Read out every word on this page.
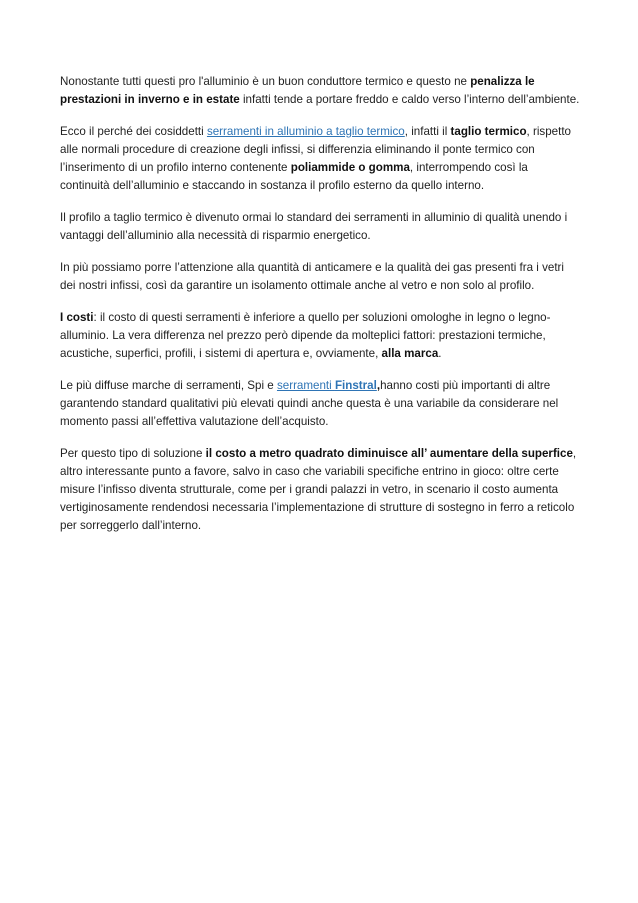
Nonostante tutti questi pro l'alluminio è un buon conduttore termico e questo ne penalizza le prestazioni in inverno e in estate infatti tende a portare freddo e caldo verso l’interno dell’ambiente.

Ecco il perché dei cosiddetti serramenti in alluminio a taglio termico, infatti il taglio termico, rispetto alle normali procedure di creazione degli infissi, si differenzia eliminando il ponte termico con l’inserimento di un profilo interno contenente poliammide o gomma, interrompendo così la continuità dell’alluminio e staccando in sostanza il profilo esterno da quello interno.

Il profilo a taglio termico è divenuto ormai lo standard dei serramenti in alluminio di qualità unendo i vantaggi dell’alluminio alla necessità di risparmio energetico.

In più possiamo porre l’attenzione alla quantità di anticamere e la qualità dei gas presenti fra i vetri dei nostri infissi, così da garantire un isolamento ottimale anche al vetro e non solo al profilo.

I costi: il costo di questi serramenti è inferiore a quello per soluzioni omologhe in legno o legno-alluminio. La vera differenza nel prezzo però dipende da molteplici fattori: prestazioni termiche, acustiche, superfici, profili, i sistemi di apertura e, ovviamente, alla marca.

Le più diffuse marche di serramenti, Spi e serramenti Finstral,hanno costi più importanti di altre garantendo standard qualitativi più elevati quindi anche questa è una variabile da considerare nel momento passi all’effettiva valutazione dell’acquisto.

Per questo tipo di soluzione il costo a metro quadrato diminuisce all’ aumentare della superfice, altro interessante punto a favore, salvo in caso che variabili specifiche entrino in gioco: oltre certe misure l’infisso diventa strutturale, come per i grandi palazzi in vetro, in scenario il costo aumenta vertiginosamente rendendosi necessaria l’implementazione di strutture di sostegno in ferro a reticolo per sorreggerlo dall’interno.
